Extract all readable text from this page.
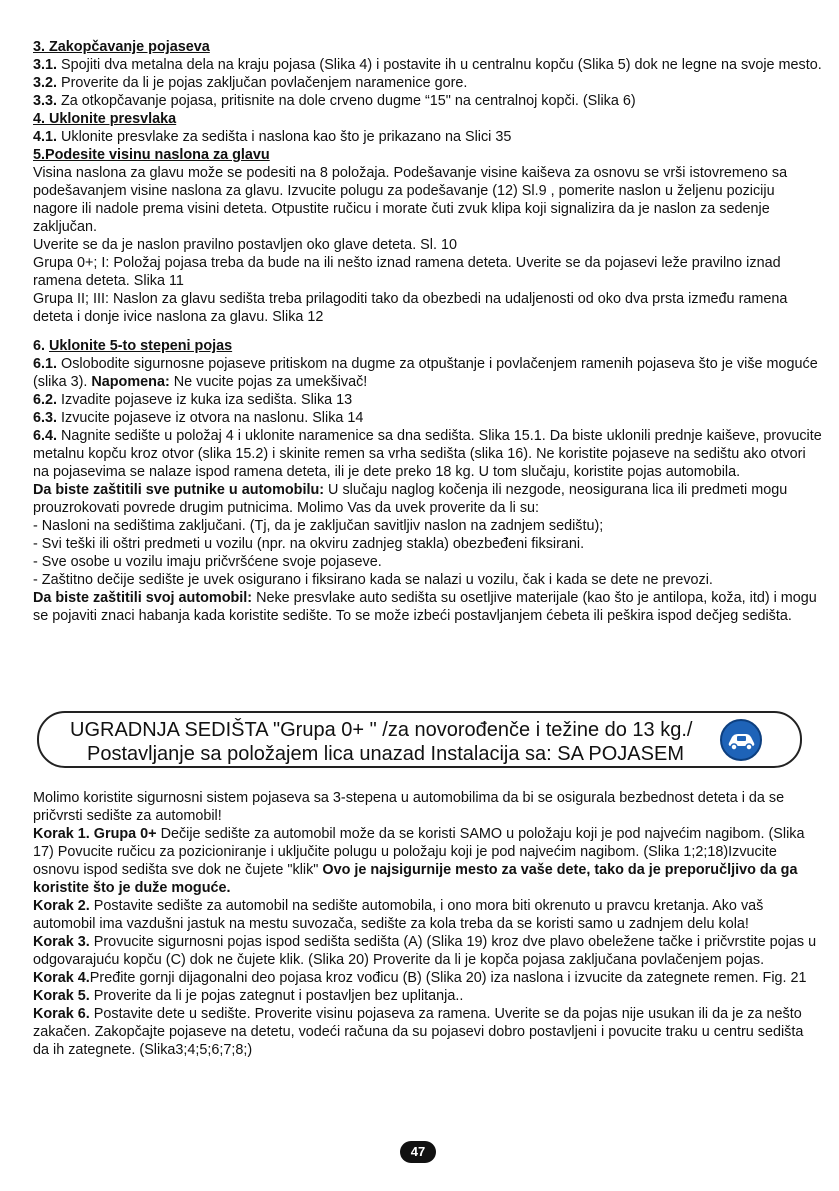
3. Zakopčavanje pojaseva

3.1. Spojiti dva metalna dela na kraju pojasa (Slika 4) i postavite ih u centralnu kopču (Slika 5) dok ne legne na svoje mesto.

3.2. Proverite da li je pojas zaključan povlačenjem naramenice gore.

3.3. Za otkopčavanje pojasa, pritisnite na dole crveno dugme “15" na centralnoj kopči. (Slika 6)

4. Uklonite presvlaka

4.1. Uklonite presvlake za sedišta i naslona kao što je prikazano na Slici 35

5.Podesite visinu naslona za glavu

Visina naslona za glavu može se podesiti na 8 položaja. Podešavanje visine kaiševa za osnovu se vrši istovremeno sa podešavanjem visine naslona za glavu. Izvucite polugu za podešavanje (12) Sl.9 , pomerite naslon u željenu poziciju nagore ili nadole prema visini deteta. Otpustite ručicu i morate čuti zvuk klipa koji signalizira da je naslon za sedenje zaključan.

Uverite se da je naslon pravilno postavljen oko glave deteta. Sl. 10

Grupa 0+; I: Položaj pojasa treba da bude na ili nešto iznad ramena deteta. Uverite se da pojasevi leže pravilno iznad ramena deteta. Slika 11

Grupa II; III: Naslon za glavu sedišta treba prilagoditi tako da obezbedi na udaljenosti od oko dva prsta između ramena deteta i donje ivice naslona za glavu. Slika 12

6. Uklonite 5-to stepeni pojas

6.1. Oslobodite sigurnosne pojaseve pritiskom na dugme za otpuštanje i povlačenjem ramenih pojaseva što je više moguće (slika 3). Napomena: Ne vucite pojas za umekšivač!

6.2. Izvadite pojaseve iz kuka iza sedišta. Slika 13

6.3. Izvucite pojaseve iz otvora na naslonu. Slika 14

6.4. Nagnite sedište u položaj 4 i uklonite naramenice sa dna sedišta. Slika 15.1. Da biste uklonili prednje kaiševe, provucite metalnu kopču kroz otvor (slika 15.2) i skinite remen sa vrha sedišta (slika 16). Ne koristite pojaseve na sedištu ako otvori na pojasevima se nalaze ispod ramena deteta, ili je dete preko 18 kg. U tom slučaju, koristite pojas automobila.

Da biste zaštitili sve putnike u automobilu: U slučaju naglog kočenja ili nezgode, neosigurana lica ili predmeti mogu prouzrokovati povrede drugim putnicima. Molimo Vas da uvek proverite da li su:

- Nasloni na sedištima zaključani. (Tj, da je zaključan savitljiv naslon na zadnjem sedištu);

- Svi teški ili oštri predmeti u vozilu (npr. na okviru zadnjeg stakla) obezbeđeni fiksirani.

- Sve osobe u vozilu imaju pričvršćene svoje pojaseve.

- Zaštitno dečije sedište je uvek osigurano i fiksirano kada se nalazi u vozilu, čak i kada se dete ne prevozi.

Da biste zaštitili svoj automobil: Neke presvlake auto sedišta su osetljive materijale (kao što je antilopa, koža, itd) i mogu se pojaviti znaci habanja kada koristite sedište. To se može izbeći postavljanjem ćebeta ili peškira ispod dečjeg sedišta.

UGRADNJA SEDIŠTA "Grupa 0+ " /za novorođenče i težine do 13 kg./
Postavljanje sa položajem lica unazad Instalacija sa: SA POJASEM

Molimo koristite sigurnosni sistem pojaseva sa 3-stepena u automobilima da bi se osigurala bezbednost deteta i da se pričvrsti sedište za automobil!

Korak 1. Grupa 0+ Dečije sedište za automobil može da se koristi SAMO u položaju koji je pod najvećim nagibom. (Slika 17) Povucite ručicu za pozicioniranje i uključite polugu u položaju koji je pod najvećim nagibom. (Slika 1;2;18)Izvucite osnovu ispod sedišta sve dok ne čujete "klik" Ovo je najsigurnije mesto za vaše dete, tako da je preporučljivo da ga koristite što je duže moguće.

Korak 2. Postavite sedište za automobil na sedište automobila, i ono mora biti okrenuto u pravcu kretanja. Ako vaš automobil ima vazdušni jastuk na mestu suvozača, sedište za kola treba da se koristi samo u zadnjem delu kola!

Korak 3. Provucite sigurnosni pojas ispod sedišta sedišta (A) (Slika 19) kroz dve plavo obeležene tačke i pričvrstite pojas u odgovarajuću kopču (C) dok ne čujete klik. (Slika 20) Proverite da li je kopča pojasa zaključana povlačenjem pojas.

Korak 4.Pređite gornji dijagonalni deo pojasa kroz vođicu (B) (Slika 20) iza naslona i izvucite da zategnete remen. Fig. 21

Korak 5. Proverite da li je pojas zategnut i postavljen bez uplitanja..

Korak 6. Postavite dete u sedište. Proverite visinu pojaseva za ramena. Uverite se da pojas nije usukan ili da je za nešto zakačen. Zakopčajte pojaseve na detetu, vodeći računa da su pojasevi dobro postavljeni i povucite traku u centru sedišta da ih zategnete. (Slika3;4;5;6;7;8;)

47
